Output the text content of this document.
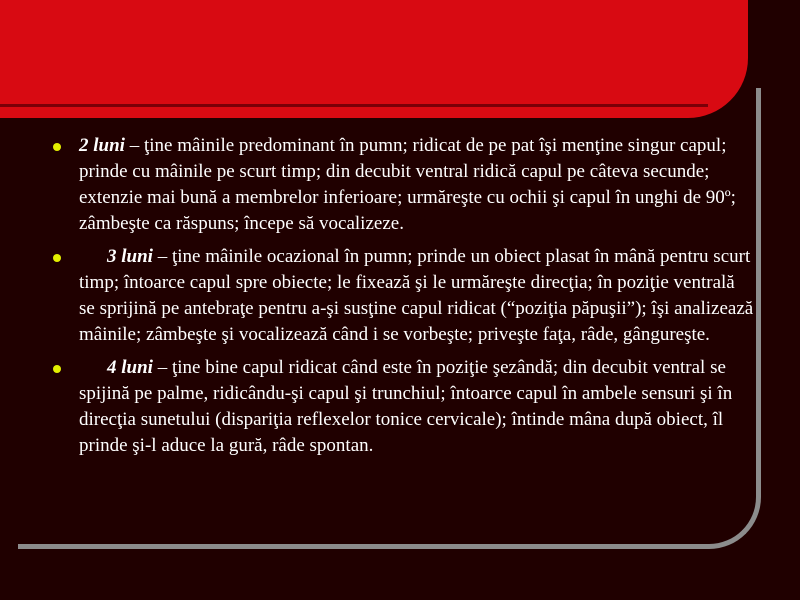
2 luni – ţine mâinile predominant în pumn; ridicat de pe pat îşi menţine singur capul; prinde cu mâinile pe scurt timp; din decubit ventral ridică capul pe câteva secunde; extenzie mai bună a membrelor inferioare; urmăreşte cu ochii şi capul în unghi de 90º; zâmbeşte ca răspuns; începe să vocalizeze.
3 luni – ţine mâinile ocazional în pumn; prinde un obiect plasat în mână pentru scurt timp; întoarce capul spre obiecte; le fixează şi le urmăreşte direcţia; în poziţie ventrală se sprijină pe antebraţe pentru a-şi susţine capul ridicat (“poziţia păpuşii”); îşi analizează mâinile; zâmbeşte şi vocalizează când i se vorbeşte; priveşte faţa, râde, gângureşte.
4 luni – ţine bine capul ridicat când este în poziţie şezândă; din decubit ventral se spijină pe palme, ridicându-şi capul şi trunchiul; întoarce capul în ambele sensuri şi în direcţia sunetului (dispariţia reflexelor tonice cervicale); întinde mâna după obiect, îl prinde şi-l aduce la gură, râde spontan.
